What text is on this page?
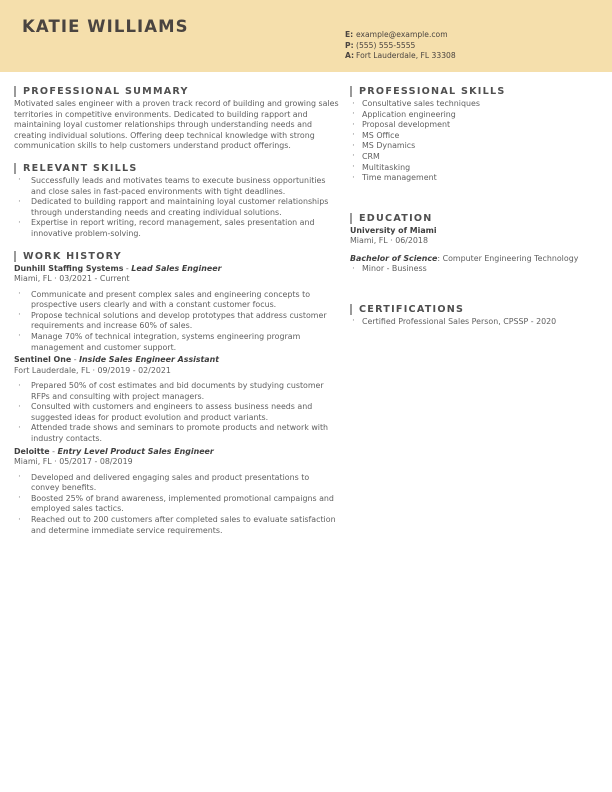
KATIE WILLIAMS	E: example@example.com
P: (555) 555-5555
A: Fort Lauderdale, FL 33308
PROFESSIONAL SUMMARY
Motivated sales engineer with a proven track record of building and growing sales territories in competitive environments. Dedicated to building rapport and maintaining loyal customer relationships through understanding needs and creating individual solutions. Offering deep technical knowledge with strong communication skills to help customers understand product offerings.
RELEVANT SKILLS
· Successfully leads and motivates teams to execute business opportunities and close sales in fast-paced environments with tight deadlines.
· Dedicated to building rapport and maintaining loyal customer relationships through understanding needs and creating individual solutions.
· Expertise in report writing, record management, sales presentation and innovative problem-solving.
WORK HISTORY
Dunhill Staffing Systems - Lead Sales Engineer
Miami, FL · 03/2021 - Current
· Communicate and present complex sales and engineering concepts to prospective users clearly and with a constant customer focus.
· Propose technical solutions and develop prototypes that address customer requirements and increase 60% of sales.
· Manage 70% of technical integration, systems engineering program management and customer support.
Sentinel One - Inside Sales Engineer Assistant
Fort Lauderdale, FL · 09/2019 - 02/2021
· Prepared 50% of cost estimates and bid documents by studying customer RFPs and consulting with project managers.
· Consulted with customers and engineers to assess business needs and suggested ideas for product evolution and product variants.
· Attended trade shows and seminars to promote products and network with industry contacts.
Deloitte - Entry Level Product Sales Engineer
Miami, FL · 05/2017 - 08/2019
· Developed and delivered engaging sales and product presentations to convey benefits.
· Boosted 25% of brand awareness, implemented promotional campaigns and employed sales tactics.
· Reached out to 200 customers after completed sales to evaluate satisfaction and determine immediate service requirements.
PROFESSIONAL SKILLS
· Consultative sales techniques
· Application engineering
· Proposal development
· MS Office
· MS Dynamics
· CRM
· Multitasking
· Time management
EDUCATION
University of Miami
Miami, FL · 06/2018
Bachelor of Science: Computer Engineering Technology
· Minor - Business
CERTIFICATIONS
· Certified Professional Sales Person, CPSSP - 2020
